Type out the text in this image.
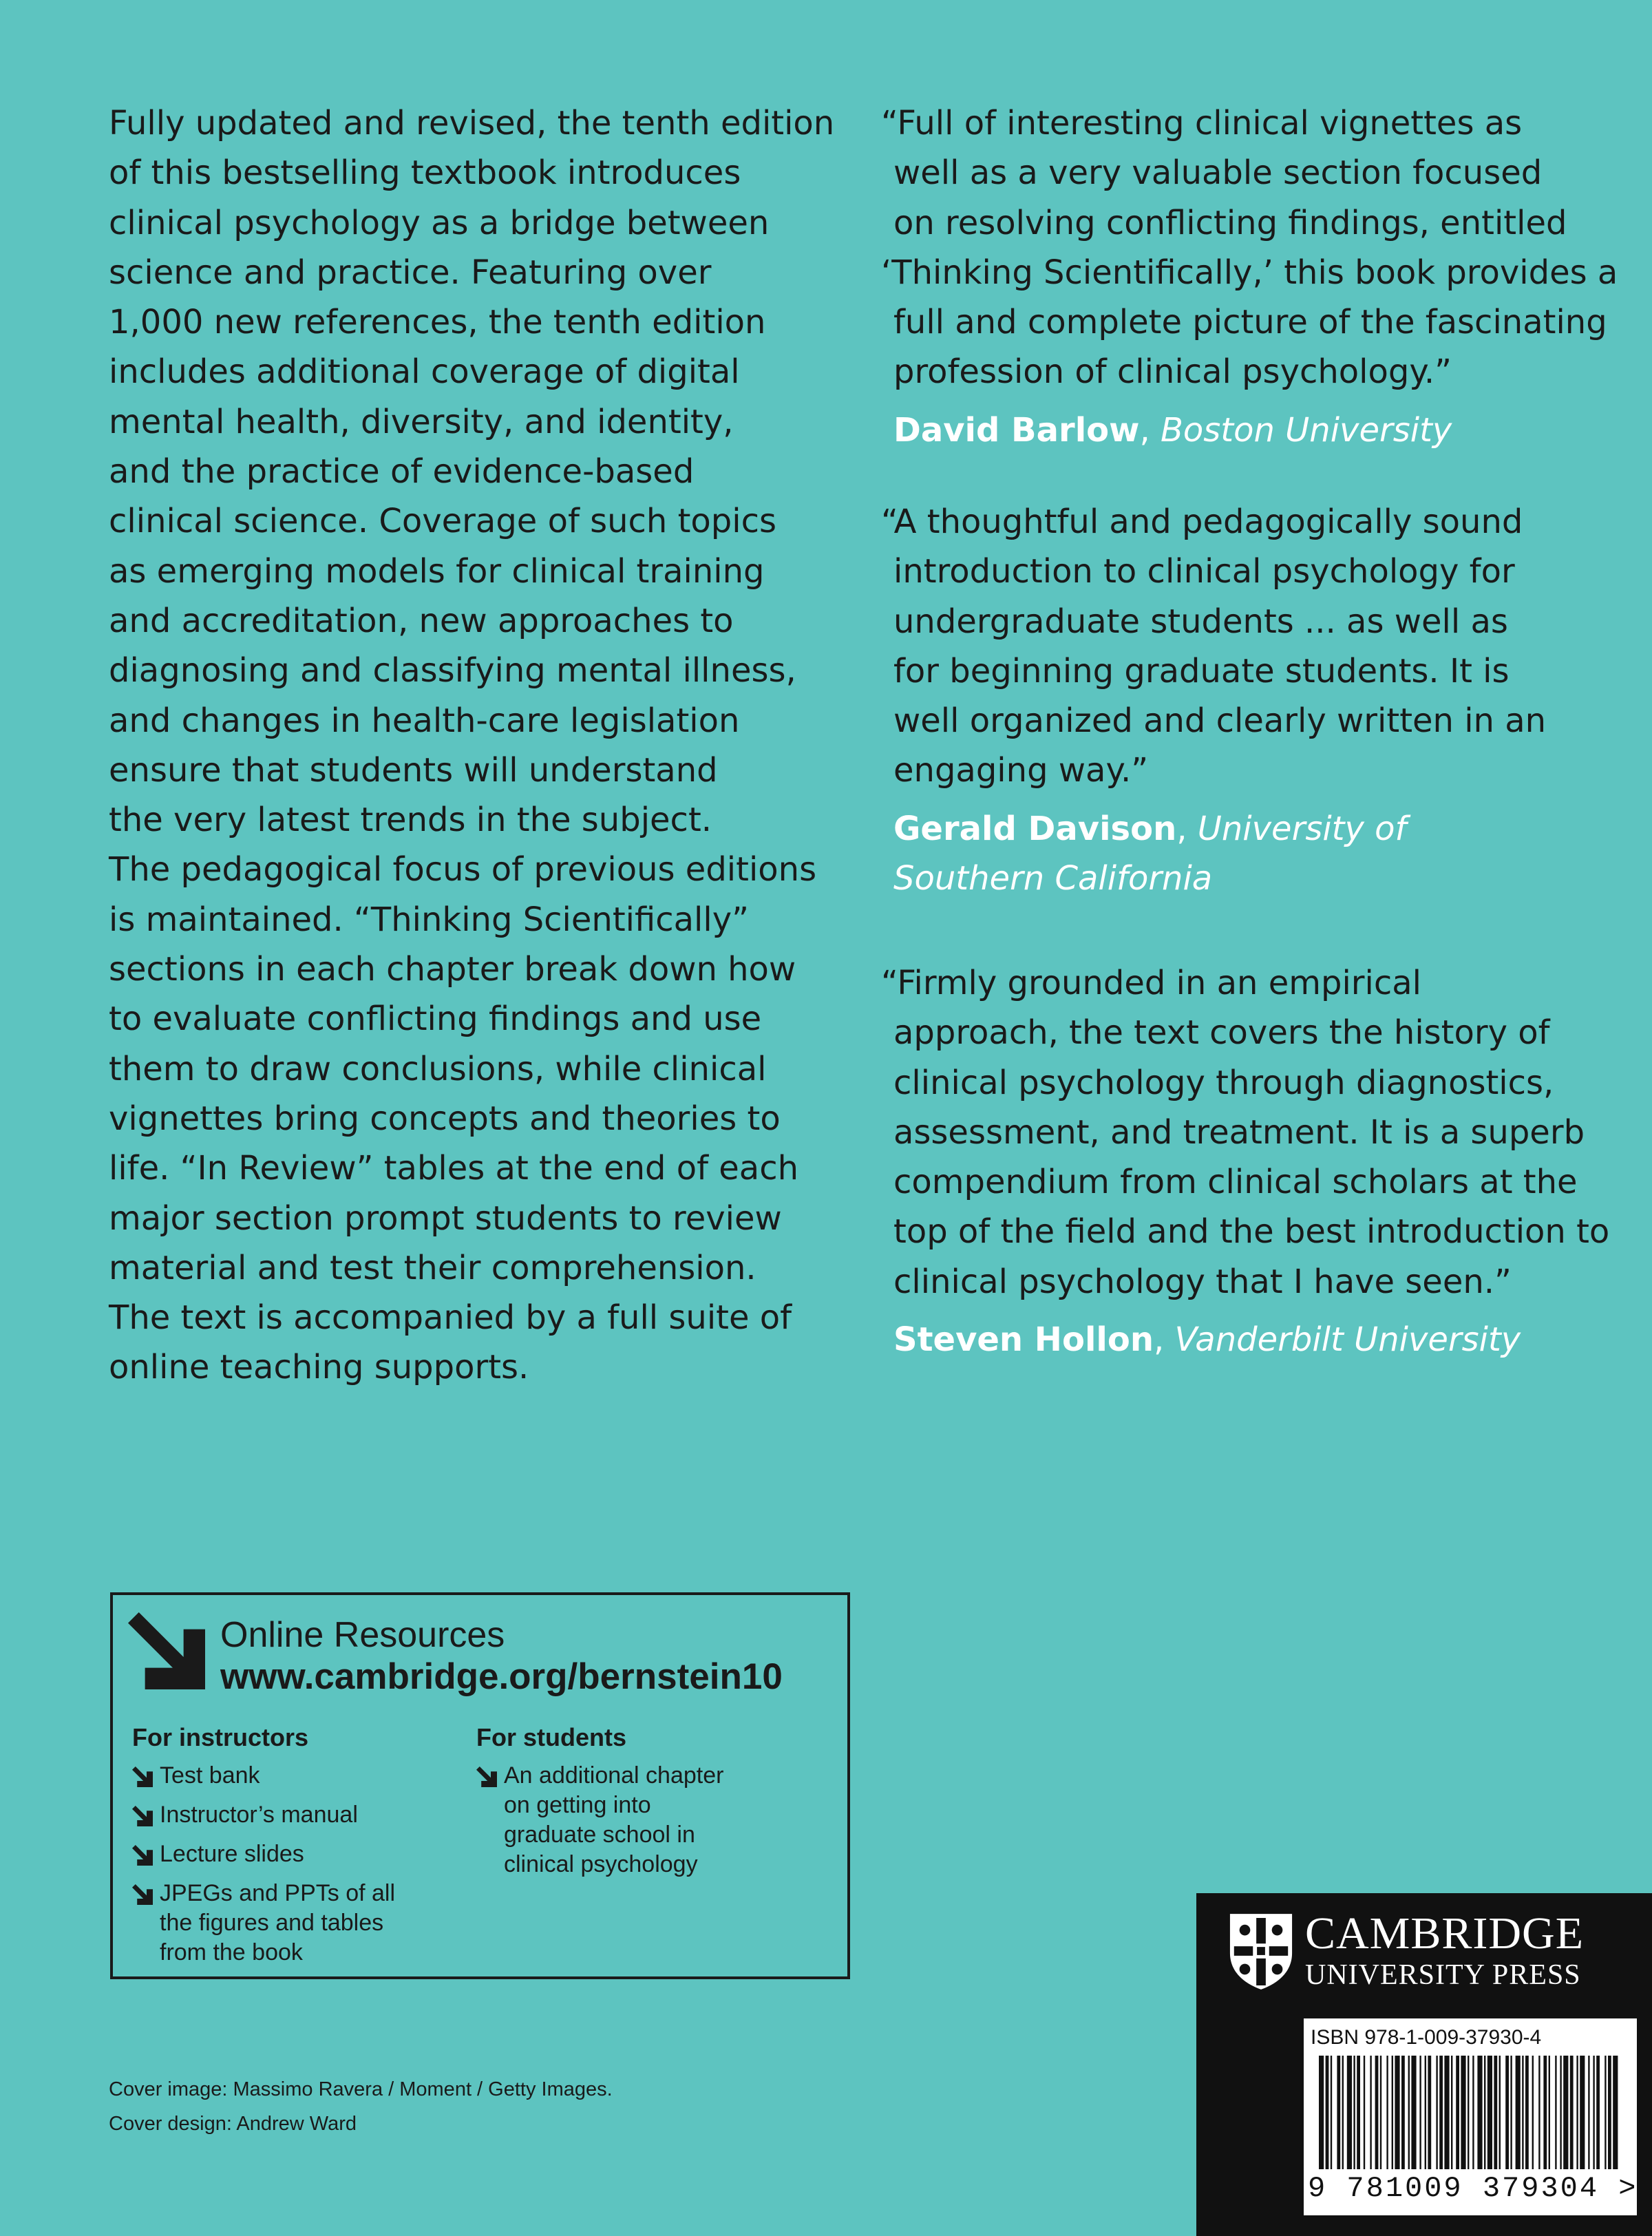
Fully updated and revised, the tenth edition
of this bestselling textbook introduces
clinical psychology as a bridge between
science and practice. Featuring over
1,000 new references, the tenth edition
includes additional coverage of digital
mental health, diversity, and identity,
and the practice of evidence-based
clinical science. Coverage of such topics
as emerging models for clinical training
and accreditation, new approaches to
diagnosing and classifying mental illness,
and changes in health-care legislation
ensure that students will understand
the very latest trends in the subject.
The pedagogical focus of previous editions
is maintained. “Thinking Scientifically”
sections in each chapter break down how
to evaluate conflicting findings and use
them to draw conclusions, while clinical
vignettes bring concepts and theories to
life. “In Review” tables at the end of each
major section prompt students to review
material and test their comprehension.
The text is accompanied by a full suite of
online teaching supports.
“Full of interesting clinical vignettes as
well as a very valuable section focused
on resolving conflicting findings, entitled
‘Thinking Scientifically,’ this book provides a
full and complete picture of the fascinating
profession of clinical psychology.”
David Barlow, Boston University
“A thoughtful and pedagogically sound
introduction to clinical psychology for
undergraduate students ... as well as
for beginning graduate students. It is
well organized and clearly written in an
engaging way.”
Gerald Davison, University of
Southern California
“Firmly grounded in an empirical
approach, the text covers the history of
clinical psychology through diagnostics,
assessment, and treatment. It is a superb
compendium from clinical scholars at the
top of the field and the best introduction to
clinical psychology that I have seen.”
Steven Hollon, Vanderbilt University
Online Resources
www.cambridge.org/bernstein10
For instructors
Test bank
Instructor’s manual
Lecture slides
JPEGs and PPTs of all
the figures and tables
from the book
For students
An additional chapter
on getting into
graduate school in
clinical psychology
Cover image: Massimo Ravera / Moment / Getty Images.
Cover design: Andrew Ward
CAMBRIDGE
UNIVERSITY PRESS
ISBN 978-1-009-37930-4
9 781009 379304 >
